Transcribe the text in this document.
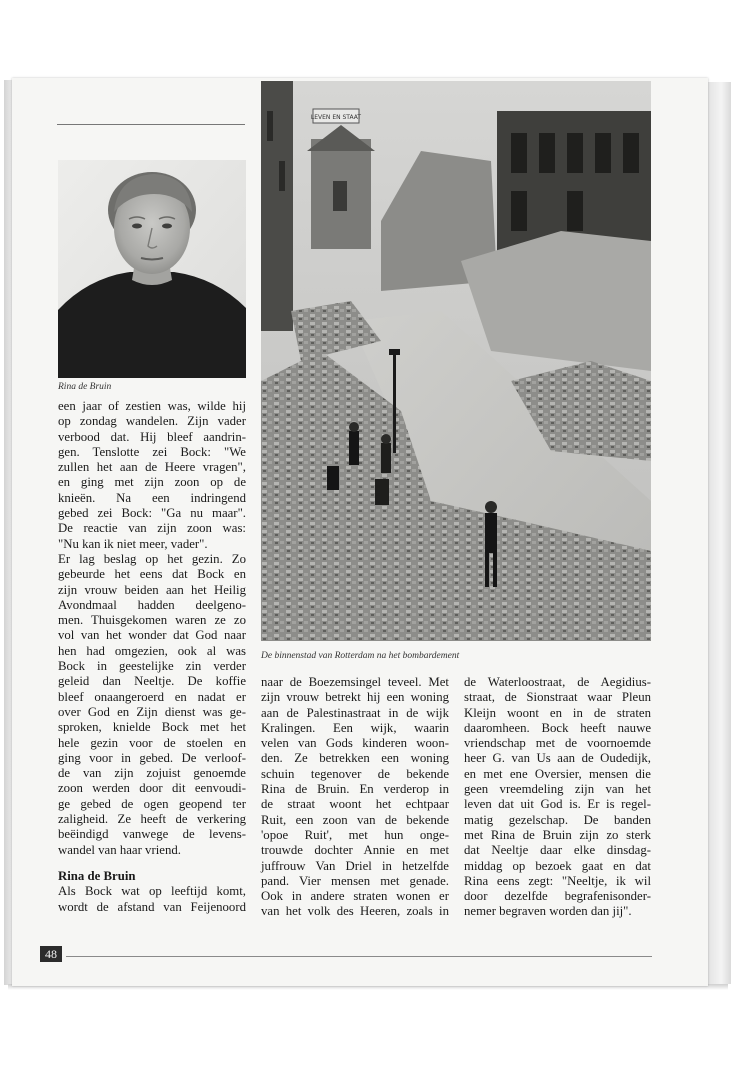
Rina de Bruin
LEVEN EN STAAT
De binnenstad van Rotterdam na het bombardement
een jaar of zestien was, wilde hij
op zondag wandelen. Zijn vader
verbood dat. Hij bleef aandrin-
gen. Tenslotte zei Bock: "We
zullen het aan de Heere vragen",
en ging met zijn zoon op de
knieën. Na een indringend
gebed zei Bock: "Ga nu maar".
De reactie van zijn zoon was:
"Nu kan ik niet meer, vader".
Er lag beslag op het gezin. Zo
gebeurde het eens dat Bock en
zijn vrouw beiden aan het Heilig
Avondmaal hadden deelgeno-
men. Thuisgekomen waren ze zo
vol van het wonder dat God naar
hen had omgezien, ook al was
Bock in geestelijke zin verder
geleid dan Neeltje. De koffie
bleef onaangeroerd en nadat er
over God en Zijn dienst was ge-
sproken, knielde Bock met het
hele gezin voor de stoelen en
ging voor in gebed. De verloof-
de van zijn zojuist genoemde
zoon werden door dit eenvoudi-
ge gebed de ogen geopend ter
zaligheid. Ze heeft de verkering
beëindigd vanwege de levens-
wandel van haar vriend.
Rina de Bruin
Als Bock wat op leeftijd komt,
wordt de afstand van Feijenoord
naar de Boezemsingel teveel. Met
zijn vrouw betrekt hij een woning
aan de Palestinastraat in de wijk
Kralingen. Een wijk, waarin
velen van Gods kinderen woon-
den. Ze betrekken een woning
schuin tegenover de bekende
Rina de Bruin. En verderop in
de straat woont het echtpaar
Ruit, een zoon van de bekende
'opoe Ruit', met hun onge-
trouwde dochter Annie en met
juffrouw Van Driel in hetzelfde
pand. Vier mensen met genade.
Ook in andere straten wonen er
van het volk des Heeren, zoals in
de Waterloostraat, de Aegidius-
straat, de Sionstraat waar Pleun
Kleijn woont en in de straten
daaromheen. Bock heeft nauwe
vriendschap met de voornoemde
heer G. van Us aan de Oudedijk,
en met ene Oversier, mensen die
geen vreemdeling zijn van het
leven dat uit God is. Er is regel-
matig gezelschap. De banden
met Rina de Bruin zijn zo sterk
dat Neeltje daar elke dinsdag-
middag op bezoek gaat en dat
Rina eens zegt: "Neeltje, ik wil
door dezelfde begrafenisonder-
nemer begraven worden dan jij".
48
